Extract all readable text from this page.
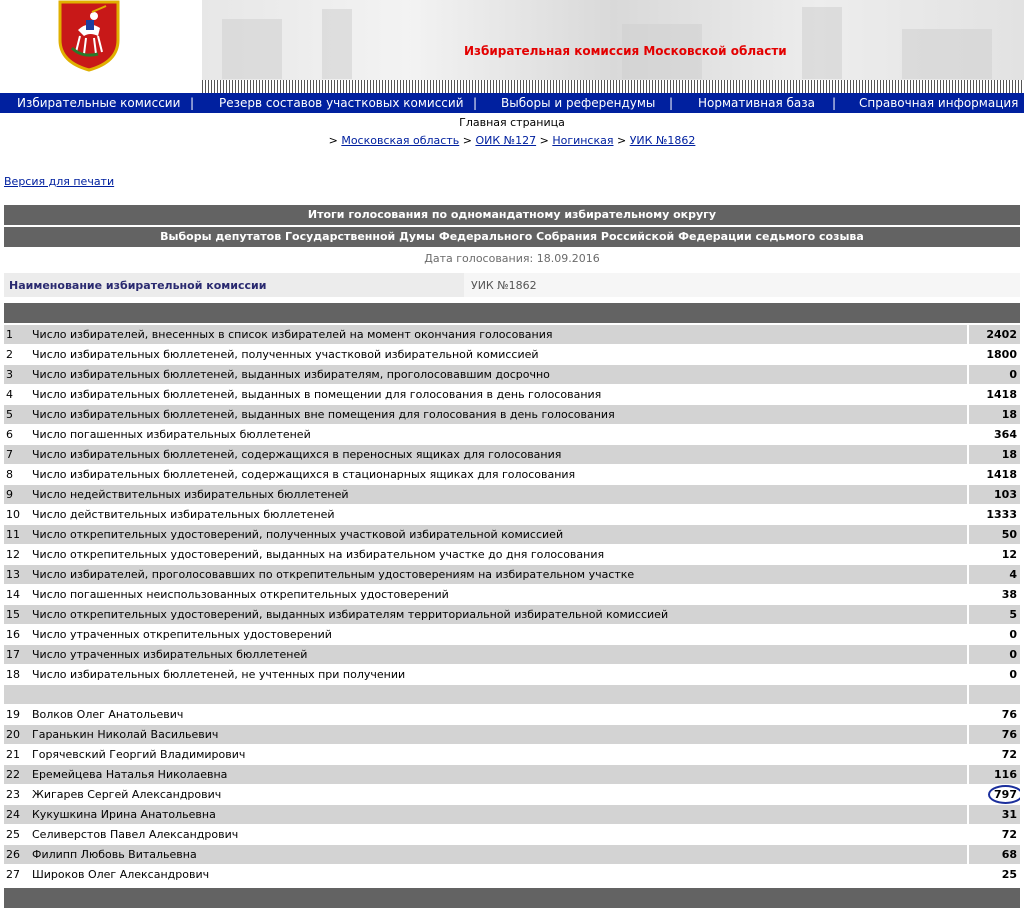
Избирательная комиссия Московской области
Избирательные комиссии | Резерв составов участковых комиссий | Выборы и референдумы | Нормативная база | Справочная информация
Главная страница
> Московская область > ОИК №127 > Ногинская > УИК №1862
Версия для печати
Итоги голосования по одномандатному избирательному округу
Выборы депутатов Государственной Думы Федерального Собрания Российской Федерации седьмого созыва
Дата голосования: 18.09.2016
Наименование избирательной комиссии	УИК №1862
1	Число избирателей, внесенных в список избирателей на момент окончания голосования	2402
2	Число избирательных бюллетеней, полученных участковой избирательной комиссией	1800
3	Число избирательных бюллетеней, выданных избирателям, проголосовавшим досрочно	0
4	Число избирательных бюллетеней, выданных в помещении для голосования в день голосования	1418
5	Число избирательных бюллетеней, выданных вне помещения для голосования в день голосования	18
6	Число погашенных избирательных бюллетеней	364
7	Число избирательных бюллетеней, содержащихся в переносных ящиках для голосования	18
8	Число избирательных бюллетеней, содержащихся в стационарных ящиках для голосования	1418
9	Число недействительных избирательных бюллетеней	103
10	Число действительных избирательных бюллетеней	1333
11	Число открепительных удостоверений, полученных участковой избирательной комиссией	50
12	Число открепительных удостоверений, выданных на избирательном участке до дня голосования	12
13	Число избирателей, проголосовавших по открепительным удостоверениям на избирательном участке	4
14	Число погашенных неиспользованных открепительных удостоверений	38
15	Число открепительных удостоверений, выданных избирателям территориальной избирательной комиссией	5
16	Число утраченных открепительных удостоверений	0
17	Число утраченных избирательных бюллетеней	0
18	Число избирательных бюллетеней, не учтенных при получении	0

19	Волков Олег Анатольевич	76
20	Гаранькин Николай Васильевич	76
21	Горячевский Георгий Владимирович	72
22	Еремейцева Наталья Николаевна	116
23	Жигарев Сергей Александрович	797
24	Кукушкина Ирина Анатольевна	31
25	Селиверстов Павел Александрович	72
26	Филипп Любовь Витальевна	68
27	Широков Олег Александрович	25
